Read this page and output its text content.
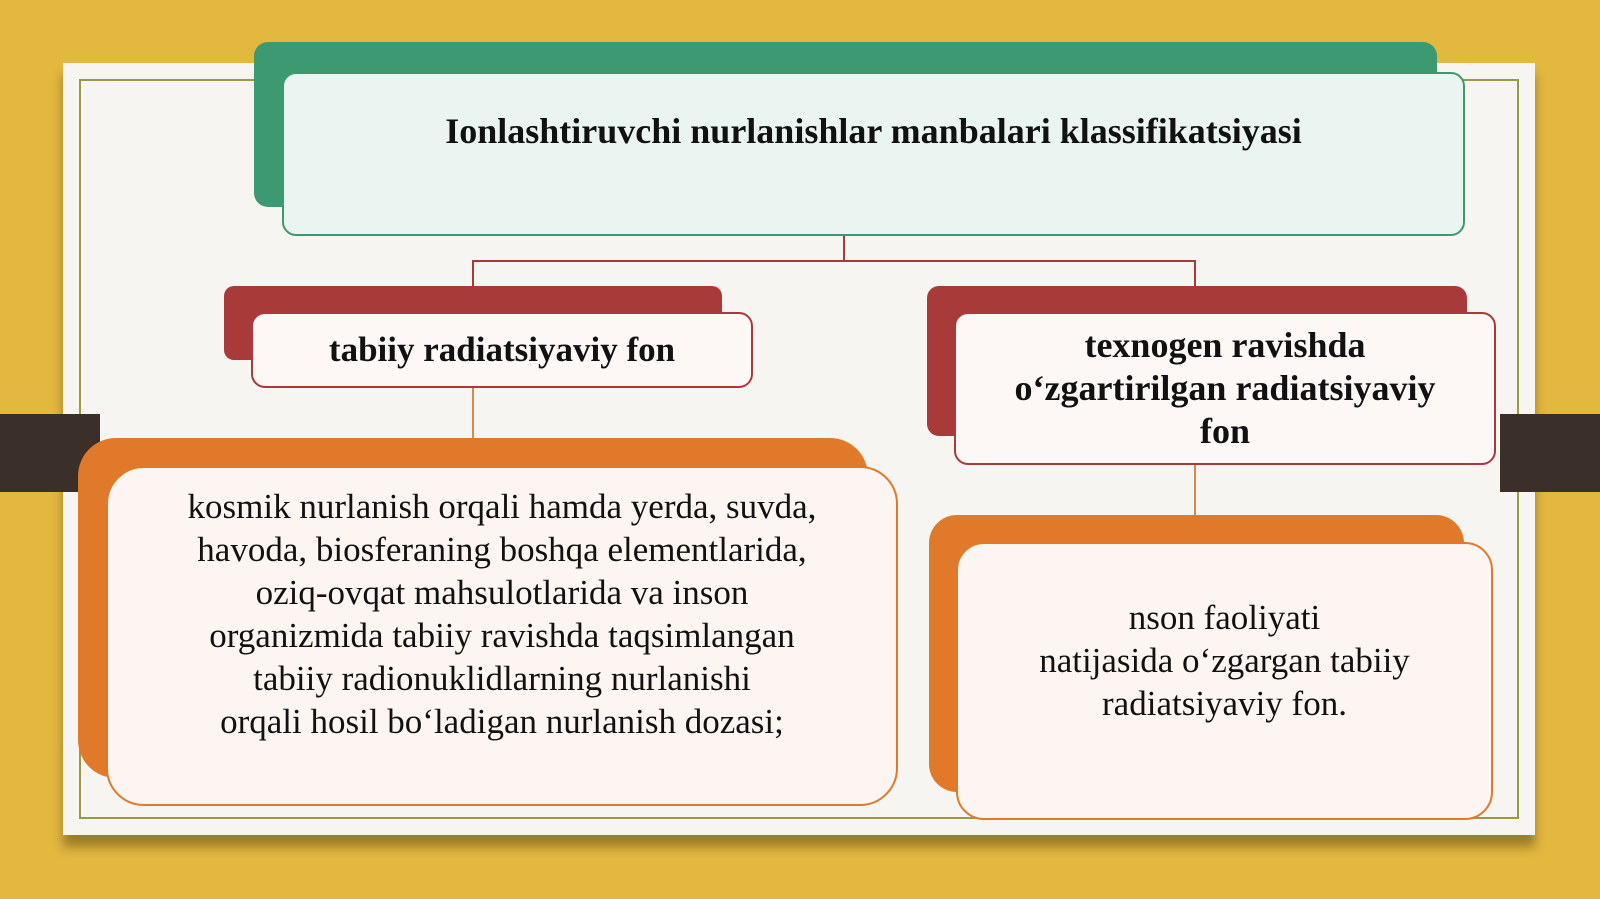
Ionlashtiruvchi nurlanishlar manbalari klassifikatsiyasi
tabiiy radiatsiyaviy fon	texnogen ravishda
o‘zgartirilgan radiatsiyaviy
fon
kosmik nurlanish orqali hamda yerda, suvda,
havoda, biosferaning boshqa elementlarida,
oziq-ovqat mahsulotlarida va inson
organizmida tabiiy ravishda taqsimlangan
tabiiy radionuklidlarning nurlanishi
orqali hosil bo‘ladigan nurlanish dozasi;
nson faoliyati
natijasida o‘zgargan tabiiy
radiatsiyaviy fon.
